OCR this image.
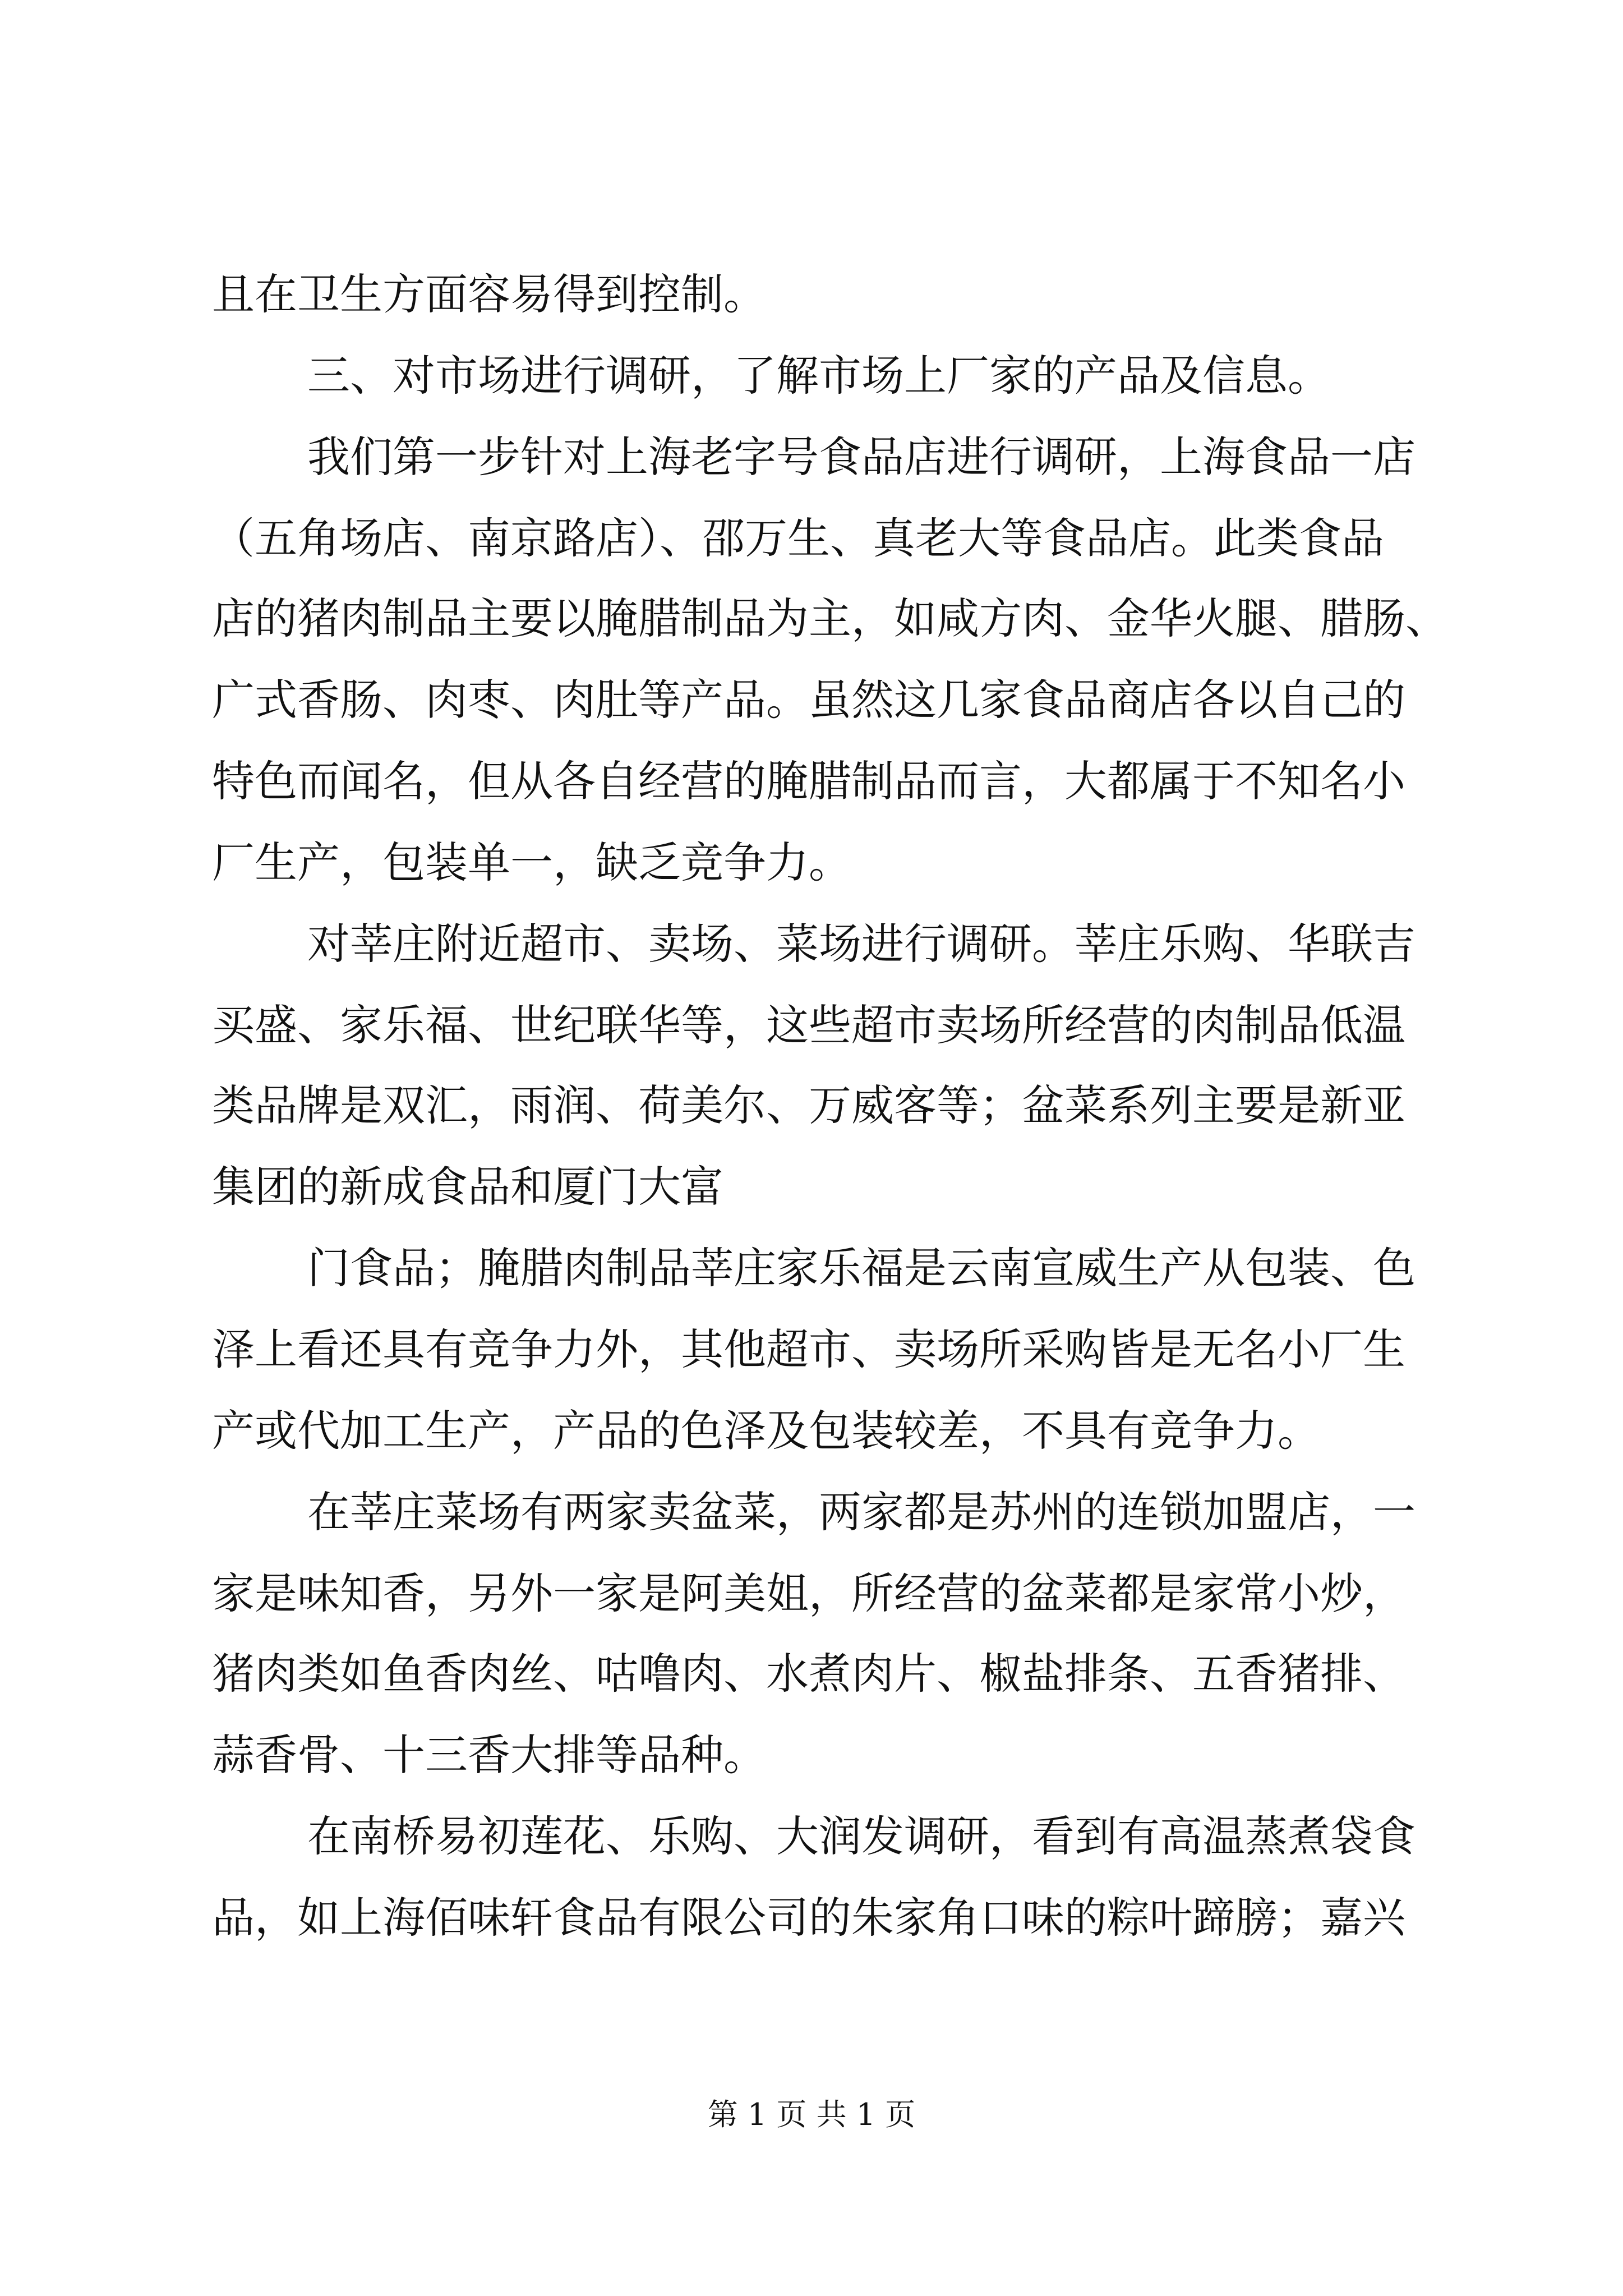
且在卫生方面容易得到控制。
三、对市场进行调研，了解市场上厂家的产品及信息。
我们第一步针对上海老字号食品店进行调研，上海食品一店
（五角场店、南京路店）、邵万生、真老大等食品店。此类食品
店的猪肉制品主要以腌腊制品为主，如咸方肉、金华火腿、腊肠、
广式香肠、肉枣、肉肚等产品。虽然这几家食品商店各以自己的
特色而闻名，但从各自经营的腌腊制品而言，大都属于不知名小
厂生产，包装单一，缺乏竞争力。
对莘庄附近超市、卖场、菜场进行调研。莘庄乐购、华联吉
买盛、家乐福、世纪联华等，这些超市卖场所经营的肉制品低温
类品牌是双汇，雨润、荷美尔、万威客等；盆菜系列主要是新亚
集团的新成食品和厦门大富
门食品；腌腊肉制品莘庄家乐福是云南宣威生产从包装、色
泽上看还具有竞争力外，其他超市、卖场所采购皆是无名小厂生
产或代加工生产，产品的色泽及包装较差，不具有竞争力。
在莘庄菜场有两家卖盆菜，两家都是苏州的连锁加盟店，一
家是味知香，另外一家是阿美姐，所经营的盆菜都是家常小炒，
猪肉类如鱼香肉丝、咕噜肉、水煮肉片、椒盐排条、五香猪排、
蒜香骨、十三香大排等品种。
在南桥易初莲花、乐购、大润发调研，看到有高温蒸煮袋食
品，如上海佰味轩食品有限公司的朱家角口味的粽叶蹄膀；嘉兴
第 1 页 共 1 页
